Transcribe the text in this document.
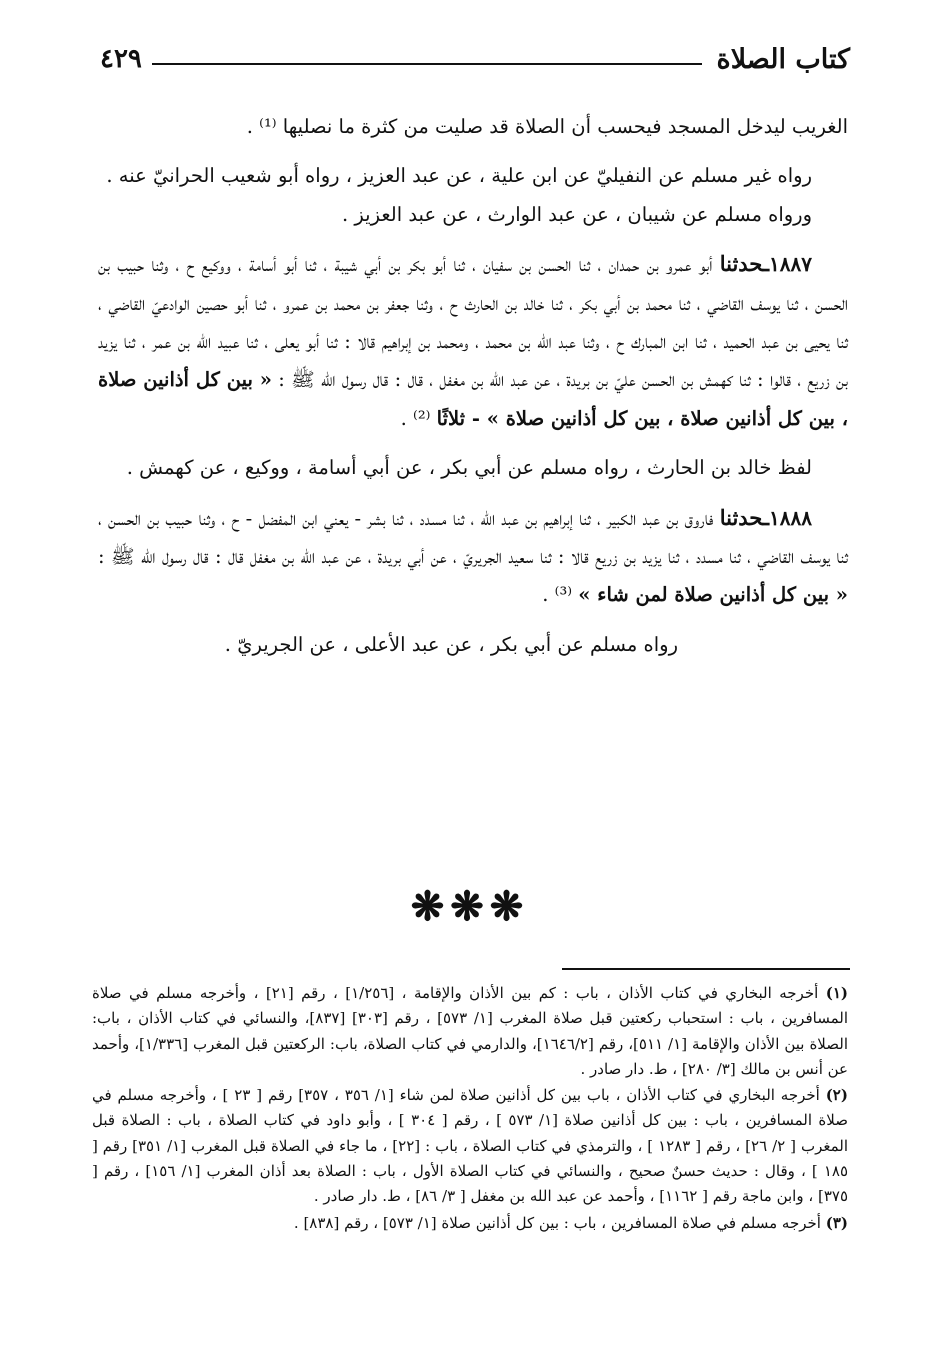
كتاب الصلاة
٤٢٩

الغريب ليدخل المسجد فيحسب أن الصلاة قد صليت من كثرة ما نصليها ⁽¹⁾ .

رواه غير مسلم عن النفيليّ عن ابن علية ، عن عبد العزيز ، رواه أبو شعيب الحرانيّ عنه .

ورواه مسلم عن شيبان ، عن عبد الوارث ، عن عبد العزيز .

١٨٨٧ـحدثنا أبو عمرو بن حمدان ، ثنا الحسن بن سفيان ، ثنا أبو بكر بن أبي شيبة ، ثنا أبو أسامة ، ووكيع ح ، وثنا حبيب بن الحسن ، ثنا يوسف القاضي ، ثنا محمد بن أبي بكر ، ثنا خالد بن الحارث ح ، وثنا جعفر بن محمد بن عمرو ، ثنا أبو حصين الوادعيّ القاضي ، ثنا يحيى بن عبد الحميد ، ثنا ابن المبارك ح ، وثنا عبد الله بن محمد ، ومحمد بن إبراهيم قالا : ثنا أبو يعلى ، ثنا عبيد الله بن عمر ، ثنا يزيد بن زريع ، قالوا : ثنا كهمش بن الحسن عليّ بن بريدة ، عن عبد الله بن مغفل ، قال : قال رسول الله ﷺ : « بين كل أذانين صلاة ، بين كل أذانين صلاة ، بين كل أذانين صلاة » - ثلاثًا ⁽²⁾ .

لفظ خالد بن الحارث ، رواه مسلم عن أبي بكر ، عن أبي أسامة ، ووكيع ، عن كهمش .

١٨٨٨ـحدثنا فاروق بن عبد الكبير ، ثنا إبراهيم بن عبد الله ، ثنا مسدد ، ثنا بشر - يعني ابن المفضل - ح ، وثنا حبيب بن الحسن ، ثنا يوسف القاضي ، ثنا مسدد ، ثنا يزيد بن زريع قالا : ثنا سعيد الجريريّ ، عن أبي بريدة ، عن عبد الله بن مغفل قال : قال رسول الله ﷺ : « بين كل أذانين صلاة لمن شاء » ⁽³⁾ .

رواه مسلم عن أبي بكر ، عن عبد الأعلى ، عن الجريريّ .

❋❋❋

(١) أخرجه البخاري في كتاب الأذان ، باب : كم بين الأذان والإقامة ، [١/٢٥٦] ، رقم [٢١] ، وأخرجه مسلم في صلاة المسافرين ، باب : استحباب ركعتين قبل صلاة المغرب [١/ ٥٧٣] ، رقم [٣٠٣] [٨٣٧]، والنسائي في كتاب الأذان ، باب: الصلاة بين الأذان والإقامة [١/ ٥١١]، رقم [١٦٤٦/٢]، والدارمي في كتاب الصلاة، باب: الركعتين قبل المغرب [١/٣٣٦]، وأحمد عن أنس بن مالك [٣/ ٢٨٠] ، ط. دار صادر .

(٢) أخرجه البخاري في كتاب الأذان ، باب بين كل أذانين صلاة لمن شاء [١/ ٣٥٦ ، ٣٥٧] رقم [ ٢٣ ] ، وأخرجه مسلم في صلاة المسافرين ، باب : بين كل أذانين صلاة [١/ ٥٧٣ ] ، رقم [ ٣٠٤ ] ، وأبو داود في كتاب الصلاة ، باب : الصلاة قبل المغرب [ ٢/ ٢٦] ، رقم [ ١٢٨٣ ] ، والترمذي في كتاب الصلاة ، باب : [٢٢] ، ما جاء في الصلاة قبل المغرب [١/ ٣٥١] رقم [ ١٨٥ ] ، وقال : حديث حسنٌ صحيح ، والنسائي في كتاب الصلاة الأول ، باب : الصلاة بعد أذان المغرب [١/ ١٥٦] ، رقم [ ٣٧٥] ، وابن ماجة رقم [ ١١٦٢] ، وأحمد عن عبد الله بن مغفل [ ٣/ ٨٦] ، ط. دار صادر .

(٣) أخرجه مسلم في صلاة المسافرين ، باب : بين كل أذانين صلاة [١/ ٥٧٣] ، رقم [٨٣٨] .
